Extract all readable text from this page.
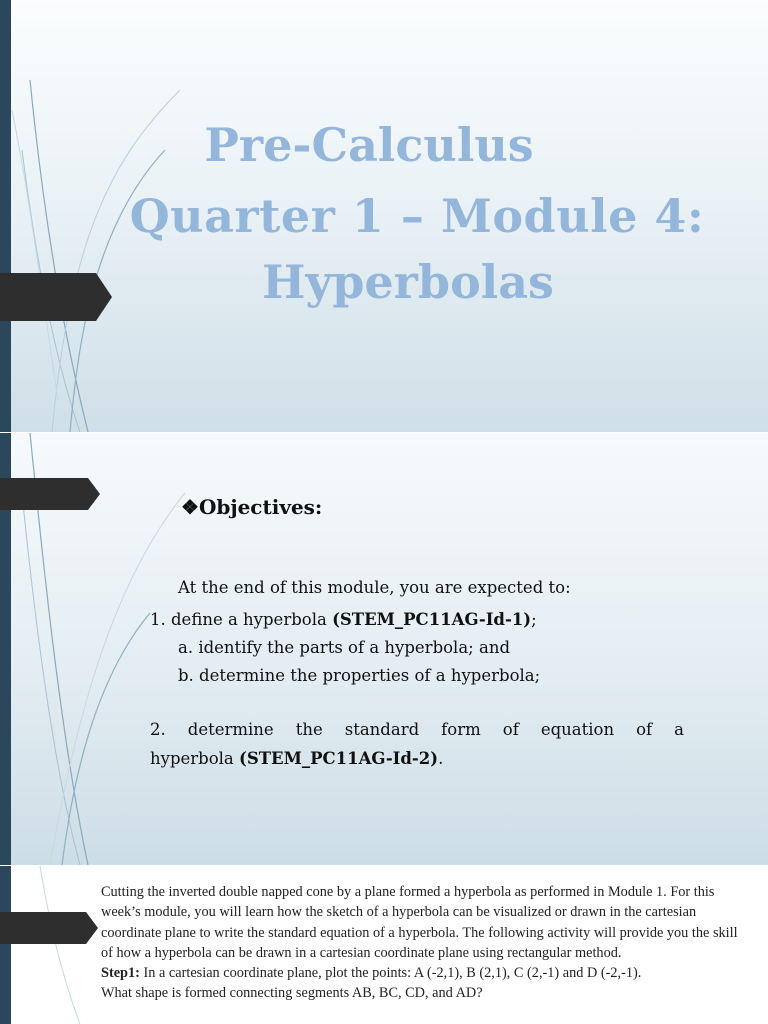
Pre-Calculus
Quarter 1 – Module 4:
Hyperbolas
❖Objectives:
At the end of this module, you are expected to:
1. define a hyperbola (STEM_PC11AG-Id-1);
a. identify the parts of a hyperbola; and
b. determine the properties of a hyperbola;
2. determine the standard form of equation of a
hyperbola (STEM_PC11AG-Id-2).
Cutting the inverted double napped cone by a plane formed a hyperbola as performed in Module 1. For this week’s module, you will learn how the sketch of a hyperbola can be visualized or drawn in the cartesian coordinate plane to write the standard equation of a hyperbola. The following activity will provide you the skill of how a hyperbola can be drawn in a cartesian coordinate plane using rectangular method.
Step1: In a cartesian coordinate plane, plot the points: A (-2,1), B (2,1), C (2,-1) and D (-2,-1).
What shape is formed connecting segments AB, BC, CD, and AD?
